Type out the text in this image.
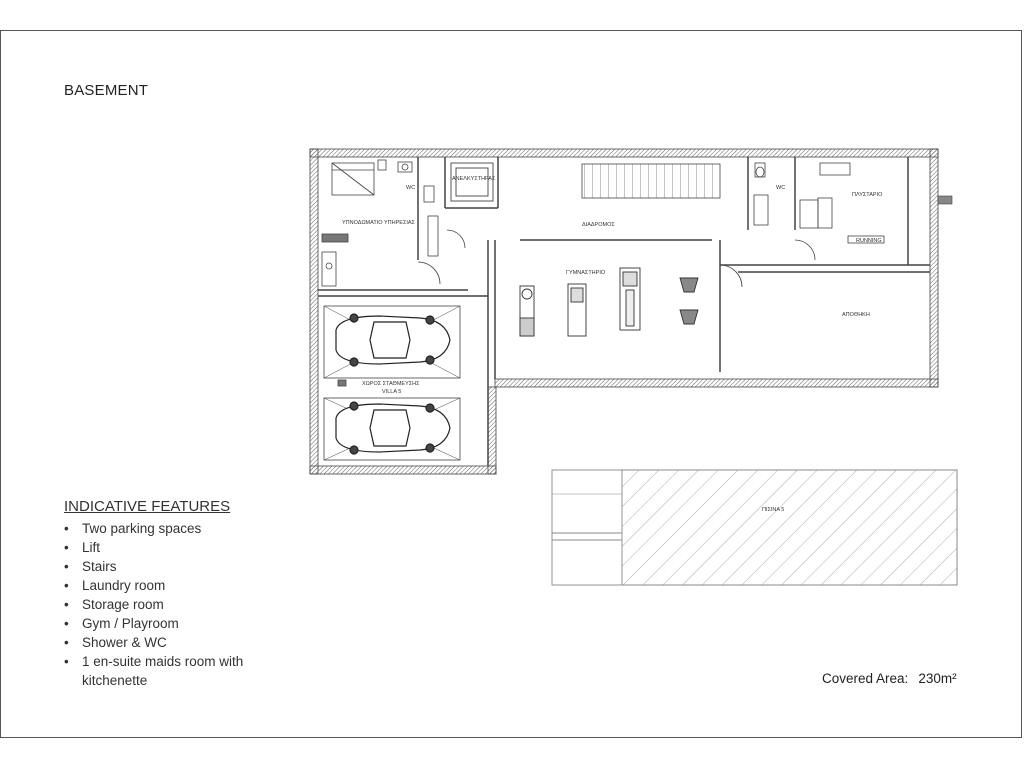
BASEMENT
ΥΠΝΟΔΩΜΑΤΙΟ ΥΠΗΡΕΣΙΑΣ
WC
ΑΝΕΛΚΥΣΤΗΡΑΣ
ΔΙΑΔΡΟΜΟΣ
WC
ΠΛΥΣΤΑΡΙΟ
RUNNING
ΓΥΜΝΑΣΤΗΡΙΟ
ΑΠΟΘΗΚΗ
ΧΩΡΟΣ ΣΤΑΘΜΕΥΣΗΣ
VILLA 5
ΠΙΣΙΝΑ 5
INDICATIVE FEATURES
• Two parking spaces
• Lift
• Stairs
• Laundry room
• Storage room
• Gym / Playroom
• Shower & WC
• 1 en-suite maids room with kitchenette	Covered Area: 230m²
